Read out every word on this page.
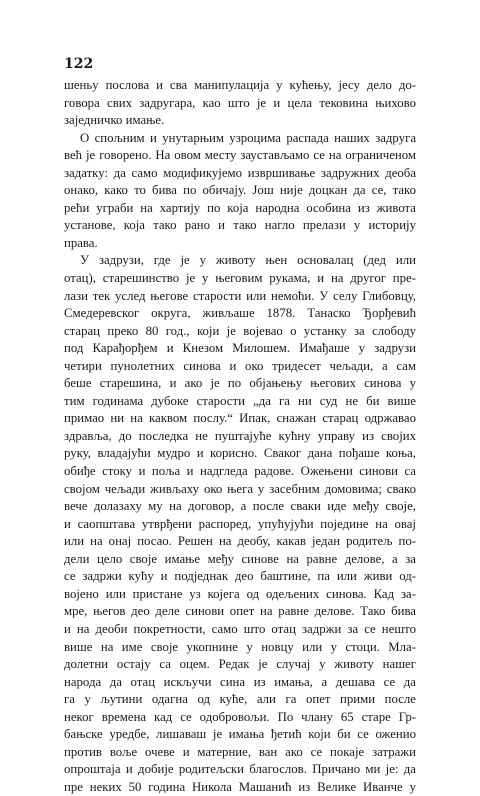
122
шеньу послова и сва манипулација у кућењу, јесу дело до-
говора свих задругара, као што је и цела тековина њихово
заједничко имање.
О спољним и унутарњим узроцима распада наших задруга
већ је говорено. На овом месту заустављамо се на ограниченом
задатку: да само модификујемо извршивање задружних деоба
онако, како то бива по обичају. Још није доцкан да се, тако
рећи уграби на хартију по која народна особина из живота
установе, која тако рано и тако нагло прелази у историју
права.
У задрузи, где је у животу њен основалац (дед или
отац), старешинство је у његовим рукама, и на другог пре-
лази тек услед његове старости или немоћи. У селу Глибовцу,
Смедеревског округа, живљаше 1878. Танаско Ђорђевић
старац преко 80 год., који је војевао о устанку за слободу
под Карађорђем и Кнезом Милошем. Имађаше у задрузи
четири пунолетних синова и око тридесет чељади, а сам
беше старешина, и ако је по објањењу његових синова у
тим годинама дубоке старости „да га ни суд не би више
примао ни на каквом послу.“ Ипак, снажан старац одржавао
здравља, до последка не пуштајуће кућну управу из својих
руку, владајући мудро и корисно. Сваког дана пођаше коња,
обиђе стоку и поља и надгледа радове. Ожењени синови са
својом чељади живљаху око њега у засебним домовима; свако
вече долазаху му на договор, а после сваки иде међу своје,
и саопштава утврђени распоред, упућујући поједине на овај
или на онај посао. Решен на деобу, какав један родитељ по-
дели цело своје имање међу синове на равне делове, а за
се задржи кућу и подједнак део баштине, па или живи од-
војено или пристане уз којега од одељених синова. Кад за-
мре, његов део деле синови опет на равне делове. Тако бива
и на деоби покретности, само што отац задржи за се нешто
више на име своје укопнине у новцу или у стоци. Мла-
долетни остају са оцем. Редак је случај у животу нашег
народа да отац искључи сина из имања, а дешава се да
га у љутини одагна од куће, али га опет прими после
неког времена кад се одобровољи. По члану 65 старе Гр-
бањске уредбе, лишаваш је имања ђетић који би се оженио
против воље очеве и матерние, ван ако се покаје затражи
опроштаја и добије родитељски благослов. Причано ми је: да
пре неких 50 година Никола Машанић из Велике Иванче у
